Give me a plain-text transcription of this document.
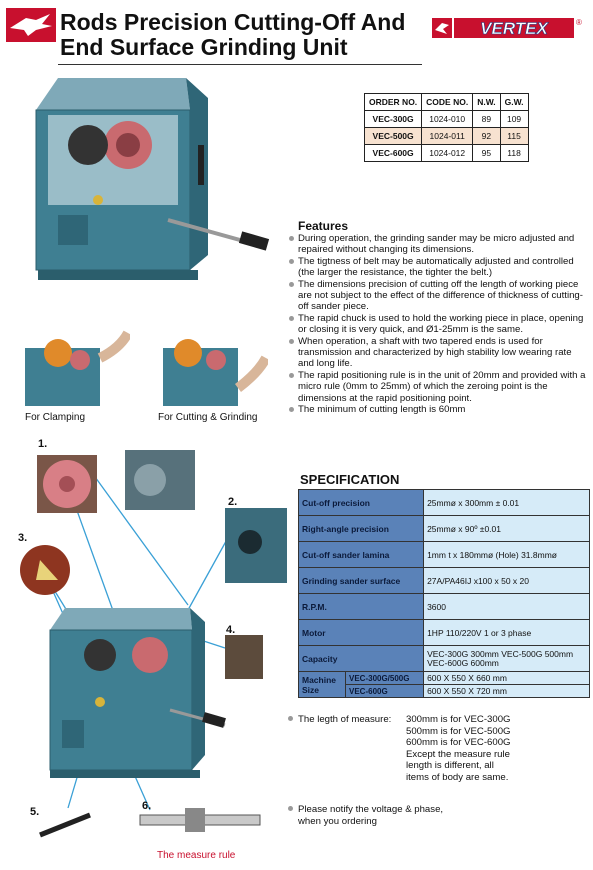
Rods Precision Cutting-Off And
End Surface Grinding Unit
VERTEX	®
ORDER NO.	CODE NO.	N.W.	G.W.
VEC-300G	1024-010	89	109
VEC-500G	1024-011	92	115
VEC-600G	1024-012	95	118
Features
During operation, the grinding sander may be micro adjusted and repaired without changing its dimensions.
The tigtness of belt may be automatically adjusted and controlled (the larger the resistance, the tighter the belt.)
The dimensions precision of cutting off the length of working piece are not subject to the effect of the difference of thickness of cutting-off sander piece.
The rapid chuck is used to hold the working piece in place, opening or closing it is very quick, and Ø1-25mm is the same.
When operation, a shaft with two tapered ends is used for transmission and characterized by high stability low wearing rate and long life.
The rapid positioning rule is in the unit of 20mm and provided with a micro rule (0mm to 25mm) of which the zeroing point is the dimensions at the rapid positioning point.
The minimum of cutting length is 60mm
For Clamping	For Cutting & Grinding
SPECIFICATION
Cut-off precision		25mmø x 300mm ± 0.01
Right-angle precision		25mmø x 90º ±0.01
Cut-off sander lamina		1mm t x 180mmø (Hole) 31.8mmø
Grinding sander surface		27A/PA46IJ x100 x 50 x 20
R.P.M.		3600
Motor		1HP 110/220V 1 or 3 phase
Capacity		VEC-300G 300mm VEC-500G 500mm
VEC-600G 600mm
Machine
Size	VEC-300G/500G	600 X 550 X 660 mm
	VEC-600G	600 X 550 X 720 mm
The legth of measure:	300mm is for VEC-300G
500mm is for VEC-500G
600mm is for VEC-600G
Except the measure rule
length is different, all
items of body are same.
Please notify the voltage & phase,
when you ordering
1.
2.
3.
4.
5.	6.
The measure rule
